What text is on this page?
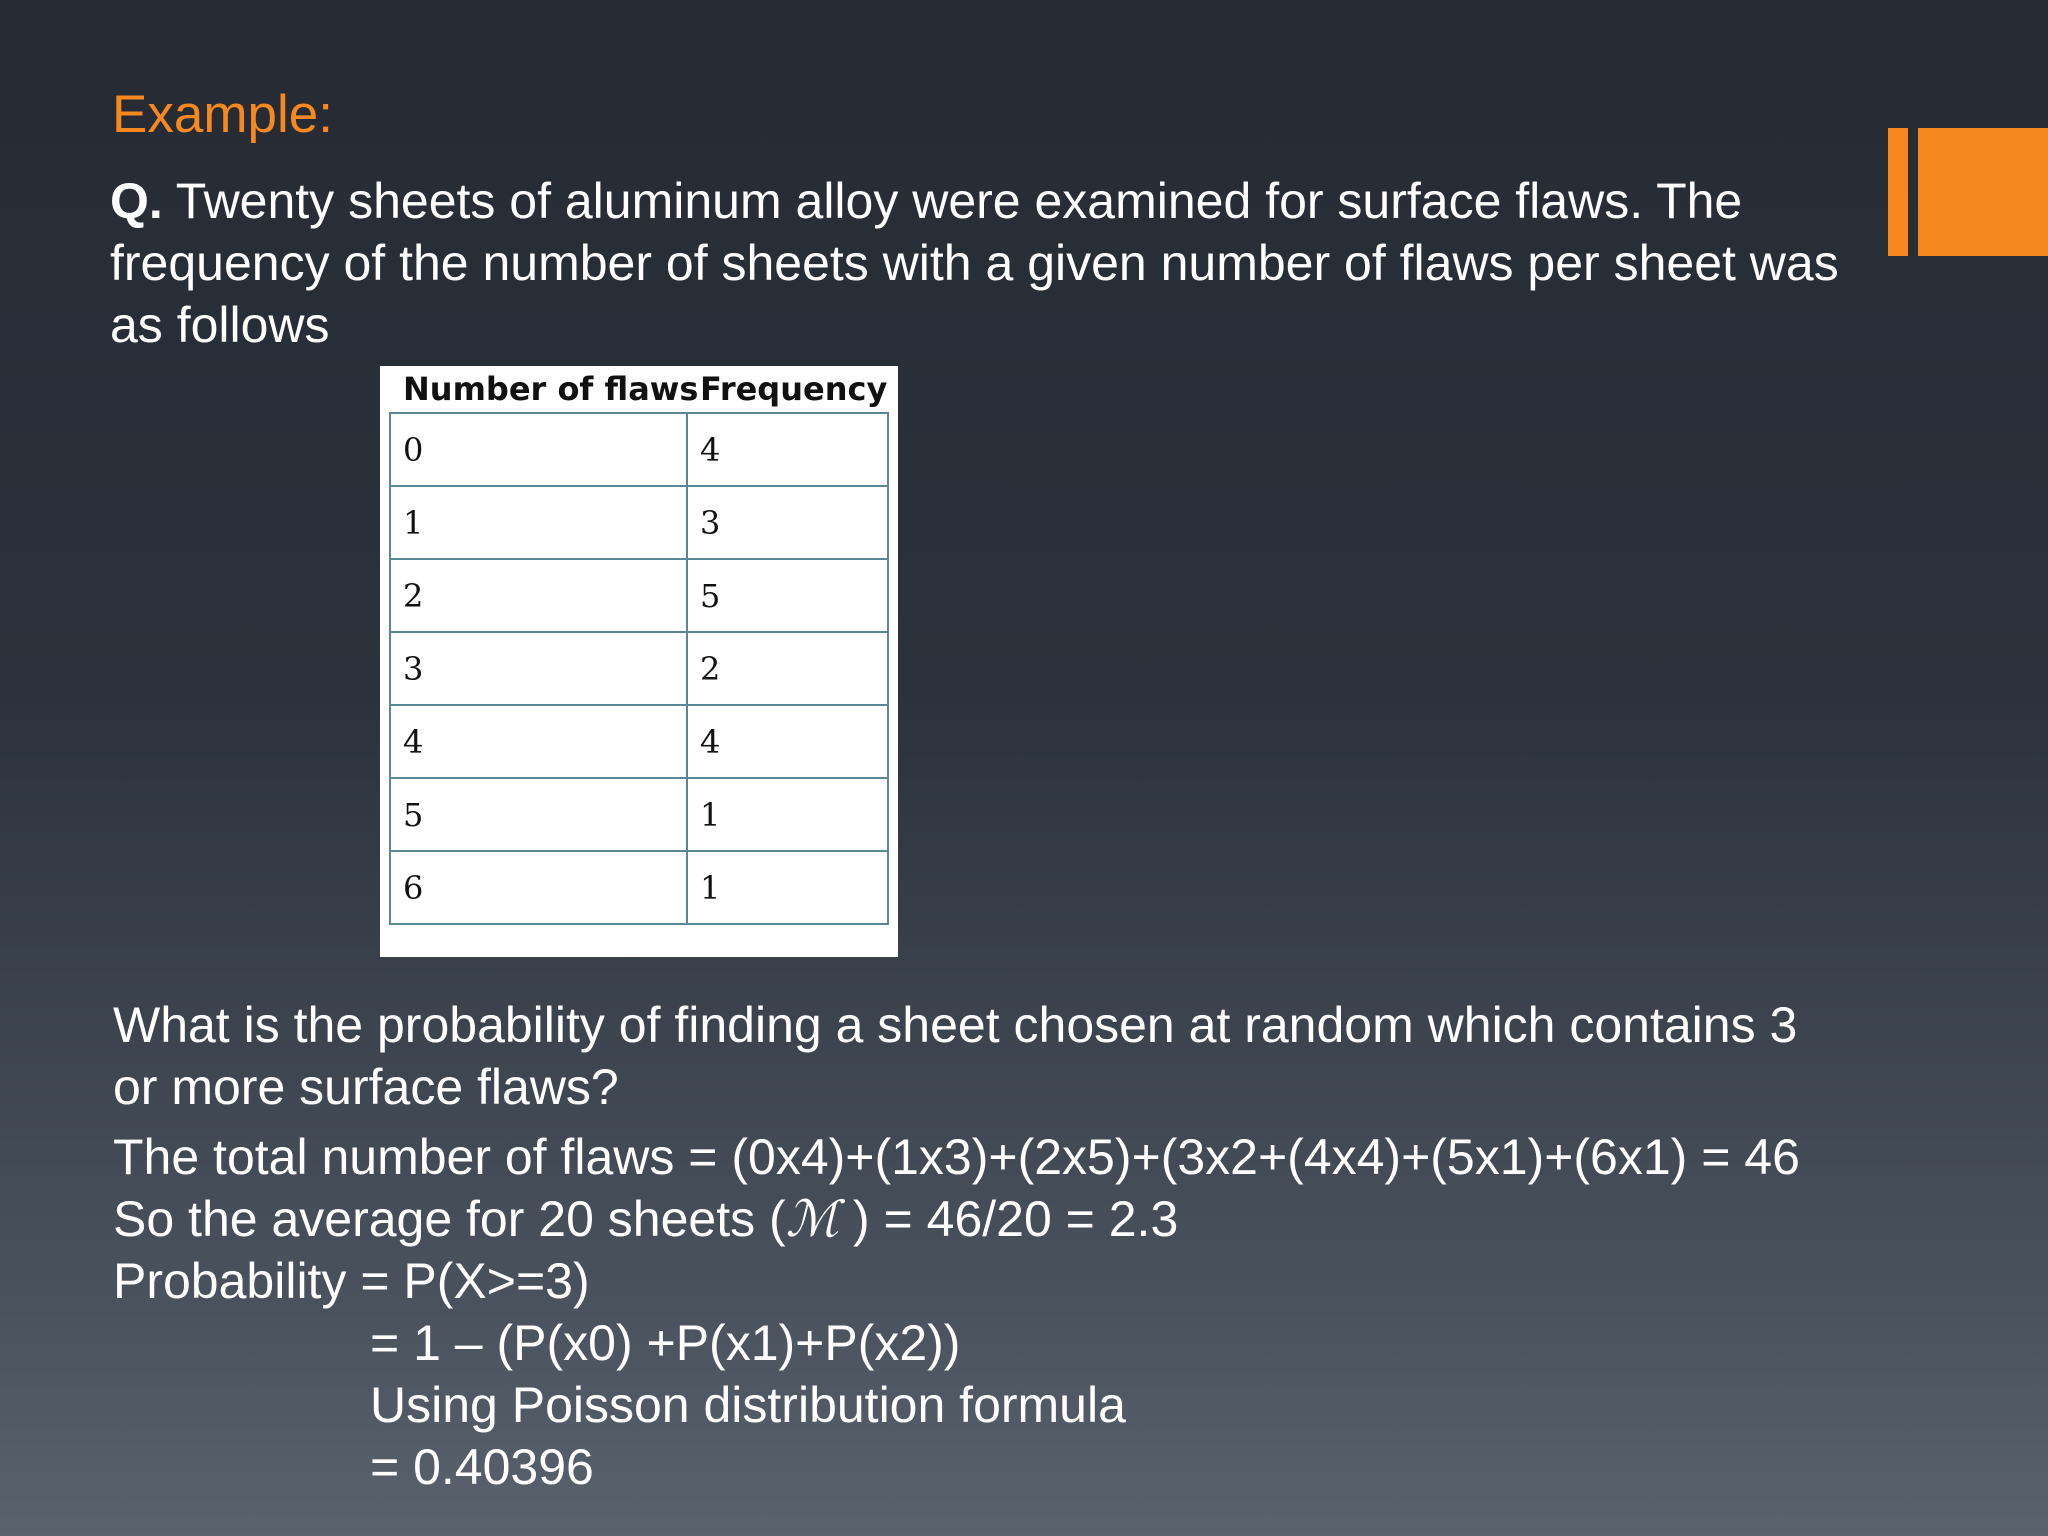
Example:
Q. Twenty sheets of aluminum alloy were examined for surface flaws. The frequency of the number of sheets with a given number of flaws per sheet was as follows
Number of flaws Frequency
0	4
1	3
2	5
3	2
4	4
5	1
6	1
What is the probability of finding a sheet chosen at random which contains 3
or more surface flaws?
The total number of flaws = (0x4)+(1x3)+(2x5)+(3x2+(4x4)+(5x1)+(6x1) = 46
So the average for 20 sheets (ℳ ) = 46/20 = 2.3
Probability = P(X>=3)
= 1 – (P(x0) +P(x1)+P(x2))
Using Poisson distribution formula
= 0.40396
